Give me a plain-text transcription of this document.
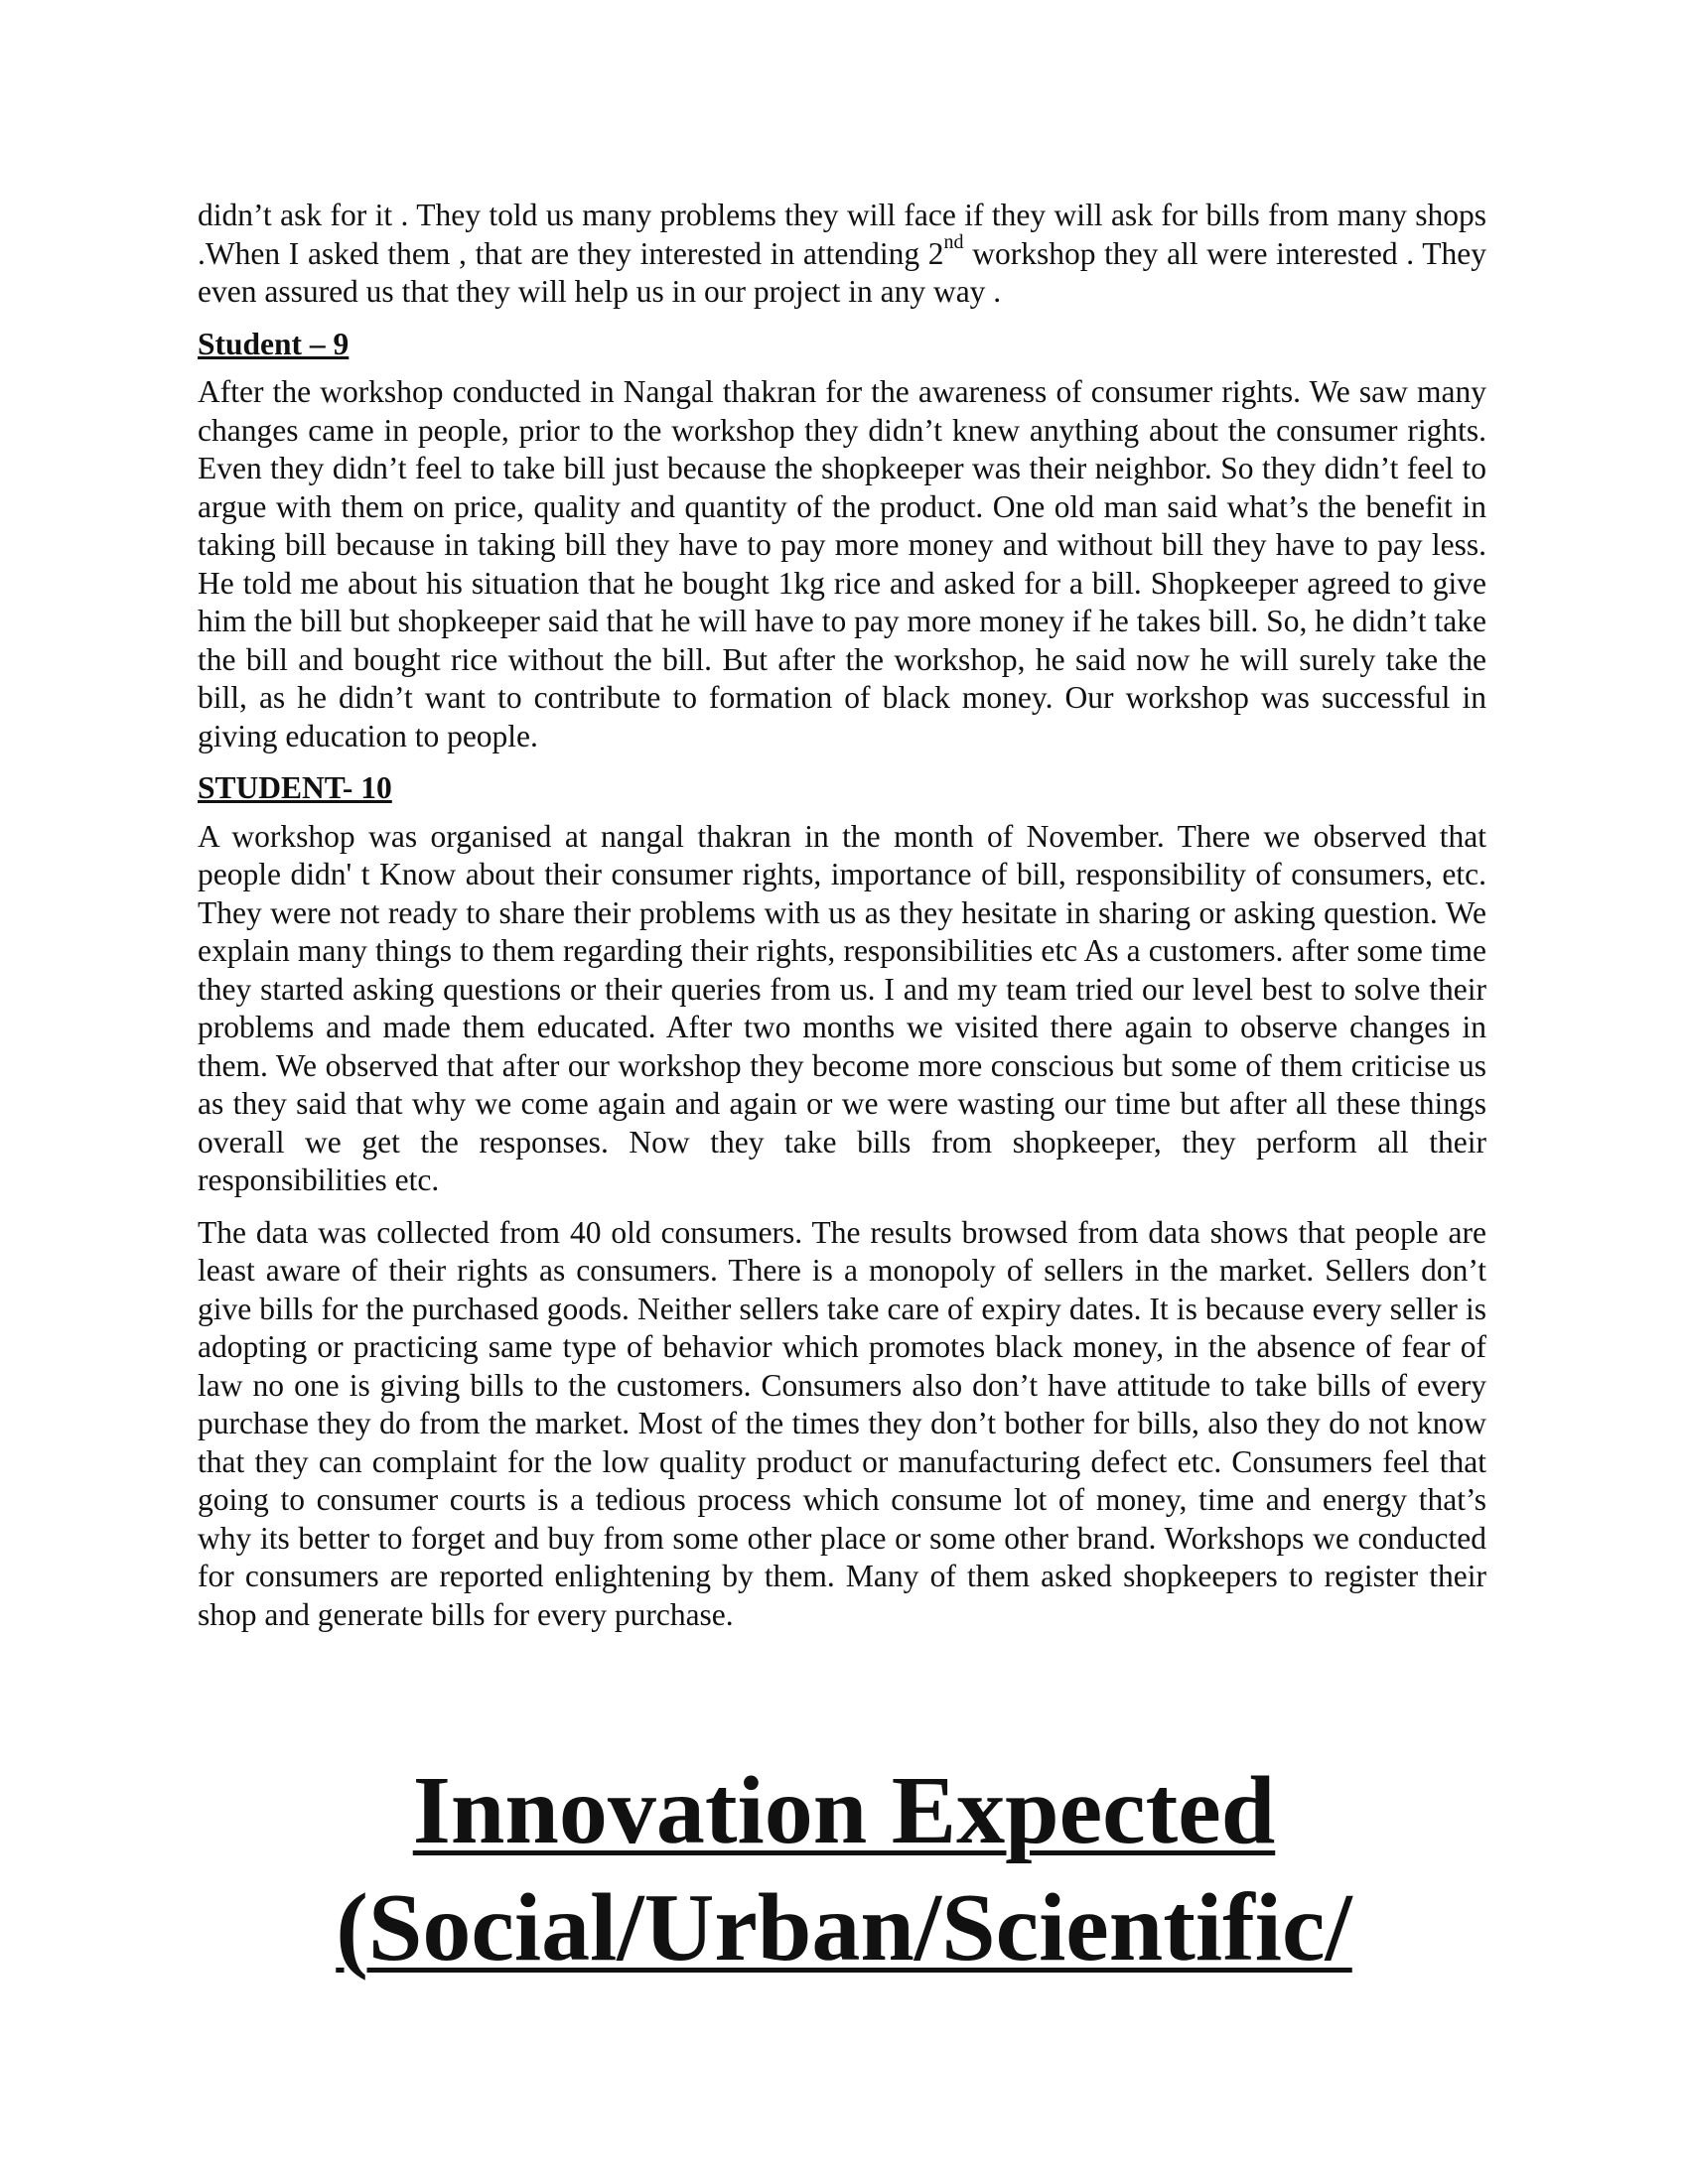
didn’t ask for it . They told us many problems they will face if they will ask for bills from many shops .When I asked them , that are they interested in attending 2nd workshop they all were interested . They even assured us that they will help us in our project in any way .

Student – 9

After the workshop conducted in Nangal thakran for the awareness of consumer rights. We saw many changes came in people, prior to the workshop they didn’t knew anything about the consumer rights. Even they didn’t feel to take bill just because the shopkeeper was their neighbor. So they didn’t feel to argue with them on price, quality and quantity of the product. One old man said what’s the benefit in taking bill because in taking bill they have to pay more money and without bill they have to pay less. He told me about his situation that he bought 1kg rice and asked for a bill. Shopkeeper agreed to give him the bill but shopkeeper said that he will have to pay more money if he takes bill. So, he didn’t take the bill and bought rice without the bill. But after the workshop, he said now he will surely take the bill, as he didn’t want to contribute to formation of black money. Our workshop was successful in giving education to people.

STUDENT- 10

A workshop was organised at nangal thakran in the month of November. There we observed that people didn' t Know about their consumer rights, importance of bill, responsibility of consumers, etc. They were not ready to share their problems with us as they hesitate in sharing or asking question. We explain many things to them regarding their rights, responsibilities etc As a customers. after some time they started asking questions or their queries from us. I and my team tried our level best to solve their problems and made them educated. After two months we visited there again to observe changes in them. We observed that after our workshop they become more conscious but some of them criticise us as they said that why we come again and again or we were wasting our time but after all these things overall we get the responses. Now they take bills from shopkeeper, they perform all their responsibilities etc.

The data was collected from 40 old consumers. The results browsed from data shows that people are least aware of their rights as consumers. There is a monopoly of sellers in the market. Sellers don’t give bills for the purchased goods. Neither sellers take care of expiry dates. It is because every seller is adopting or practicing same type of behavior which promotes black money, in the absence of fear of law no one is giving bills to the customers. Consumers also don’t have attitude to take bills of every purchase they do from the market. Most of the times they don’t bother for bills, also they do not know that they can complaint for the low quality product or manufacturing defect etc. Consumers feel that going to consumer courts is a tedious process which consume lot of money, time and energy that’s why its better to forget and buy from some other place or some other brand. Workshops we conducted for consumers are reported enlightening by them. Many of them asked shopkeepers to register their shop and generate bills for every purchase.

Innovation Expected
(Social/Urban/Scientific/
